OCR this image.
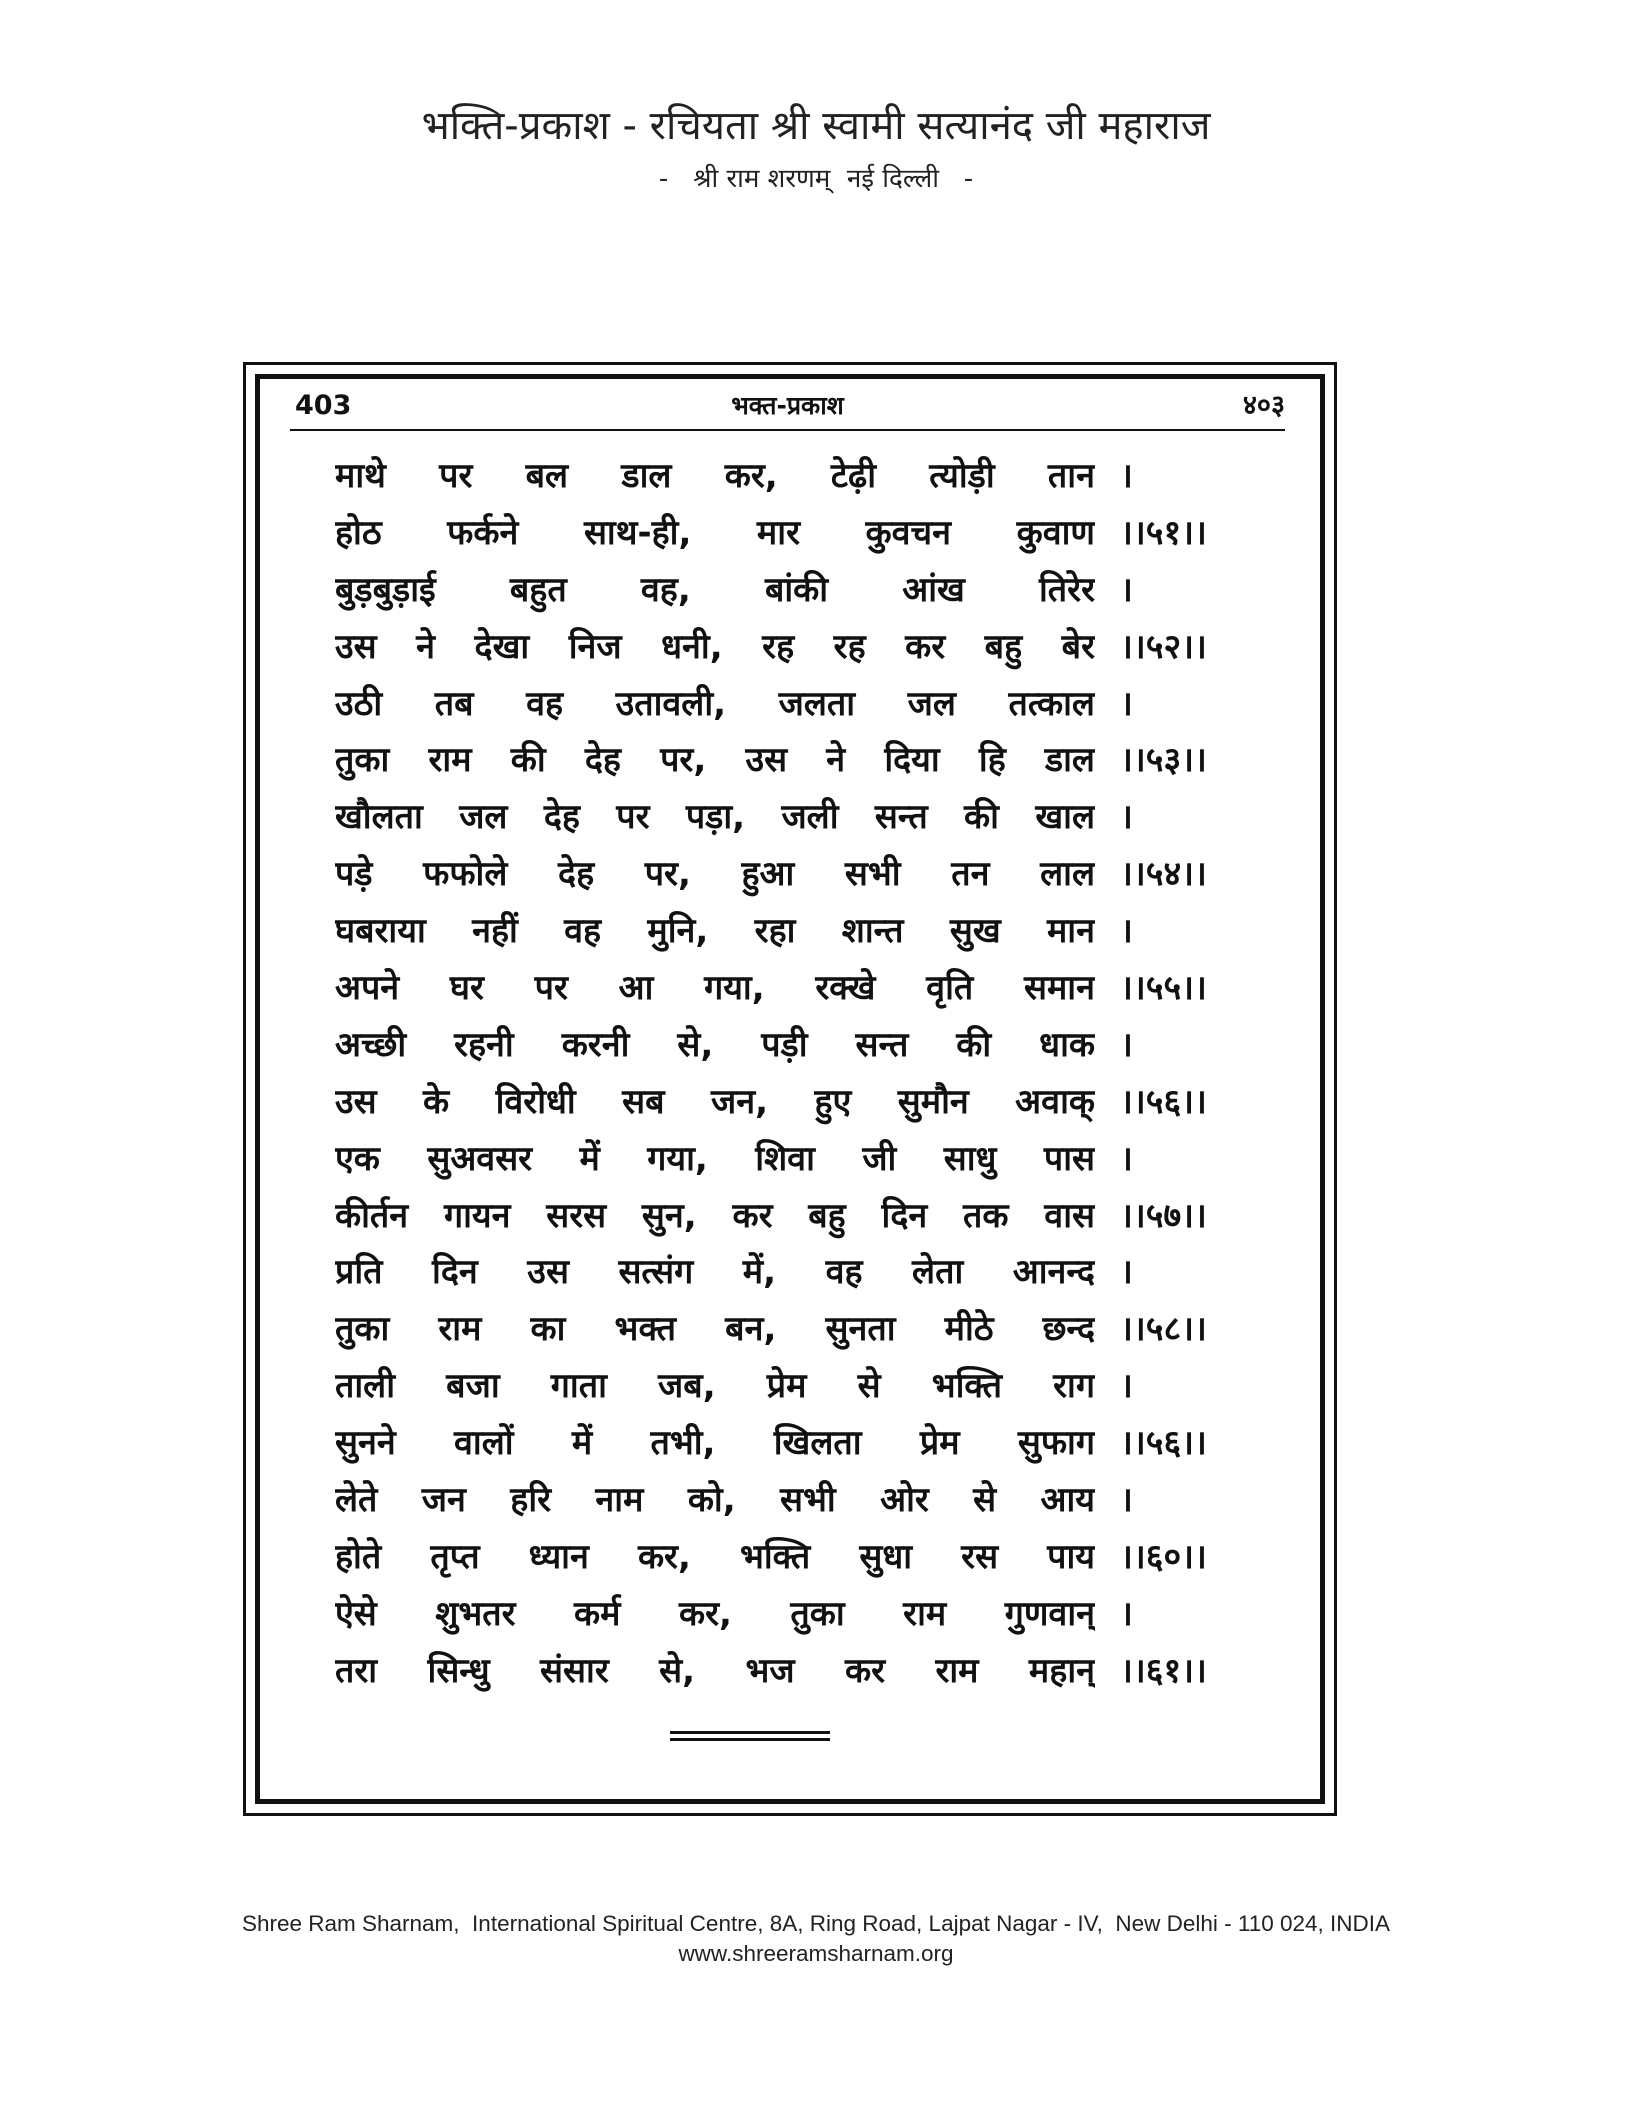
भक्ति-प्रकाश - रचियता श्री स्वामी सत्यानंद जी महाराज
-   श्री राम शरणम्  नई दिल्ली   -
403	भक्त-प्रकाश	४०३
माथे पर बल डाल कर, टेढ़ी त्योड़ी तान ।
होठ फर्कने साथ-ही, मार कुवचन कुवाण ।।५१।।
बुड़बुड़ाई बहुत वह, बांकी आंख तिरेर ।
उस ने देखा निज धनी, रह रह कर बहु बेर ।।५२।।
उठी तब वह उतावली, जलता जल तत्काल ।
तुका राम की देह पर, उस ने दिया हि डाल ।।५३।।
खौलता जल देह पर पड़ा, जली सन्त की खाल ।
पड़े फफोले देह पर, हुआ सभी तन लाल ।।५४।।
घबराया नहीं वह मुनि, रहा शान्त सुख मान ।
अपने घर पर आ गया, रक्खे वृति समान ।।५५।।
अच्छी रहनी करनी से, पड़ी सन्त की धाक ।
उस के विरोधी सब जन, हुए सुमौन अवाक् ।।५६।।
एक सुअवसर में गया, शिवा जी साधु पास ।
कीर्तन गायन सरस सुन, कर बहु दिन तक वास ।।५७।।
प्रति दिन उस सत्संग में, वह लेता आनन्द ।
तुका राम का भक्त बन, सुनता मीठे छन्द ।।५८।।
ताली बजा गाता जब, प्रेम से भक्ति राग ।
सुनने वालों में तभी, खिलता प्रेम सुफाग ।।५६।।
लेते जन हरि नाम को, सभी ओर से आय ।
होते तृप्त ध्यान कर, भक्ति सुधा रस पाय ।।६०।।
ऐसे शुभतर कर्म कर, तुका राम गुणवान् ।
तरा सिन्धु संसार से, भज कर राम महान् ।।६१।।
Shree Ram Sharnam,  International Spiritual Centre, 8A, Ring Road, Lajpat Nagar - IV,  New Delhi - 110 024, INDIA
www.shreeramsharnam.org
